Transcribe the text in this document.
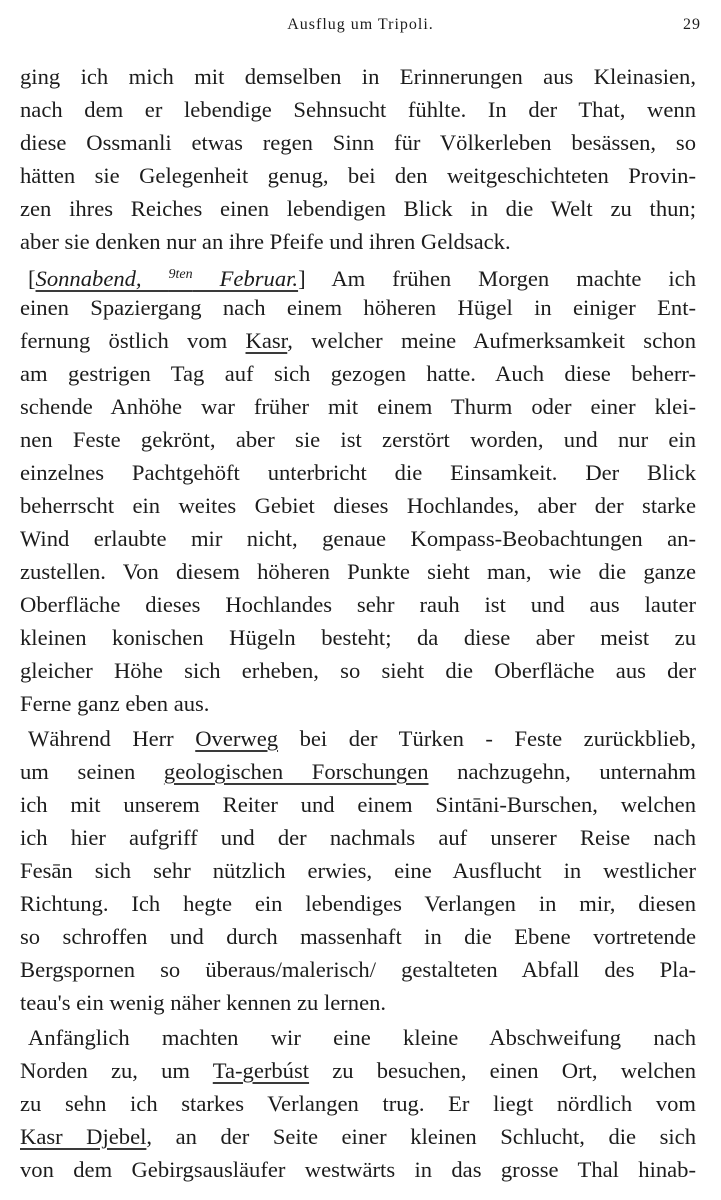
Ausflug um Tripoli.	29
ging ich mich mit demselben in Erinnerungen aus Kleinasien,
nach dem er lebendige Sehnsucht fühlte. In der That, wenn
diese Ossmanli etwas regen Sinn für Völkerleben besässen, so
hätten sie Gelegenheit genug, bei den weitgeschichteten Provin-
zen ihres Reiches einen lebendigen Blick in die Welt zu thun;
aber sie denken nur an ihre Pfeife und ihren Geldsack.
[Sonnabend, $^{9ten}$ Februar.] Am frühen Morgen machte ich
einen Spaziergang nach einem höheren Hügel in einiger Ent-
fernung östlich vom Kasr, welcher meine Aufmerksamkeit schon
am gestrigen Tag auf sich gezogen hatte. Auch diese beherr-
schende Anhöhe war früher mit einem Thurm oder einer klei-
nen Feste gekrönt, aber sie ist zerstört worden, und nur ein
einzelnes Pachtgehöft unterbricht die Einsamkeit. Der Blick
beherrscht ein weites Gebiet dieses Hochlandes, aber der starke
Wind erlaubte mir nicht, genaue Kompass-Beobachtungen an-
zustellen. Von diesem höheren Punkte sieht man, wie die ganze
Oberfläche dieses Hochlandes sehr rauh ist und aus lauter
kleinen konischen Hügeln besteht; da diese aber meist zu
gleicher Höhe sich erheben, so sieht die Oberfläche aus der
Ferne ganz eben aus.
Während Herr Overweg bei der Türken - Feste zurückblieb,
um seinen geologischen Forschungen nachzugehn, unternahm
ich mit unserem Reiter und einem Sintāni-Burschen, welchen
ich hier aufgriff und der nachmals auf unserer Reise nach
Fesān sich sehr nützlich erwies, eine Ausflucht in westlicher
Richtung. Ich hegte ein lebendiges Verlangen in mir, diesen
so schroffen und durch massenhaft in die Ebene vortretende
Bergspornen so überaus/malerisch/ gestalteten Abfall des Pla-
teau's ein wenig näher kennen zu lernen.
Anfänglich machten wir eine kleine Abschweifung nach
Norden zu, um Ta-gerbúst zu besuchen, einen Ort, welchen
zu sehn ich starkes Verlangen trug. Er liegt nördlich vom
Kasr Djebel, an der Seite einer kleinen Schlucht, die sich
von dem Gebirgsausläufer westwärts in das grosse Thal hinab-
